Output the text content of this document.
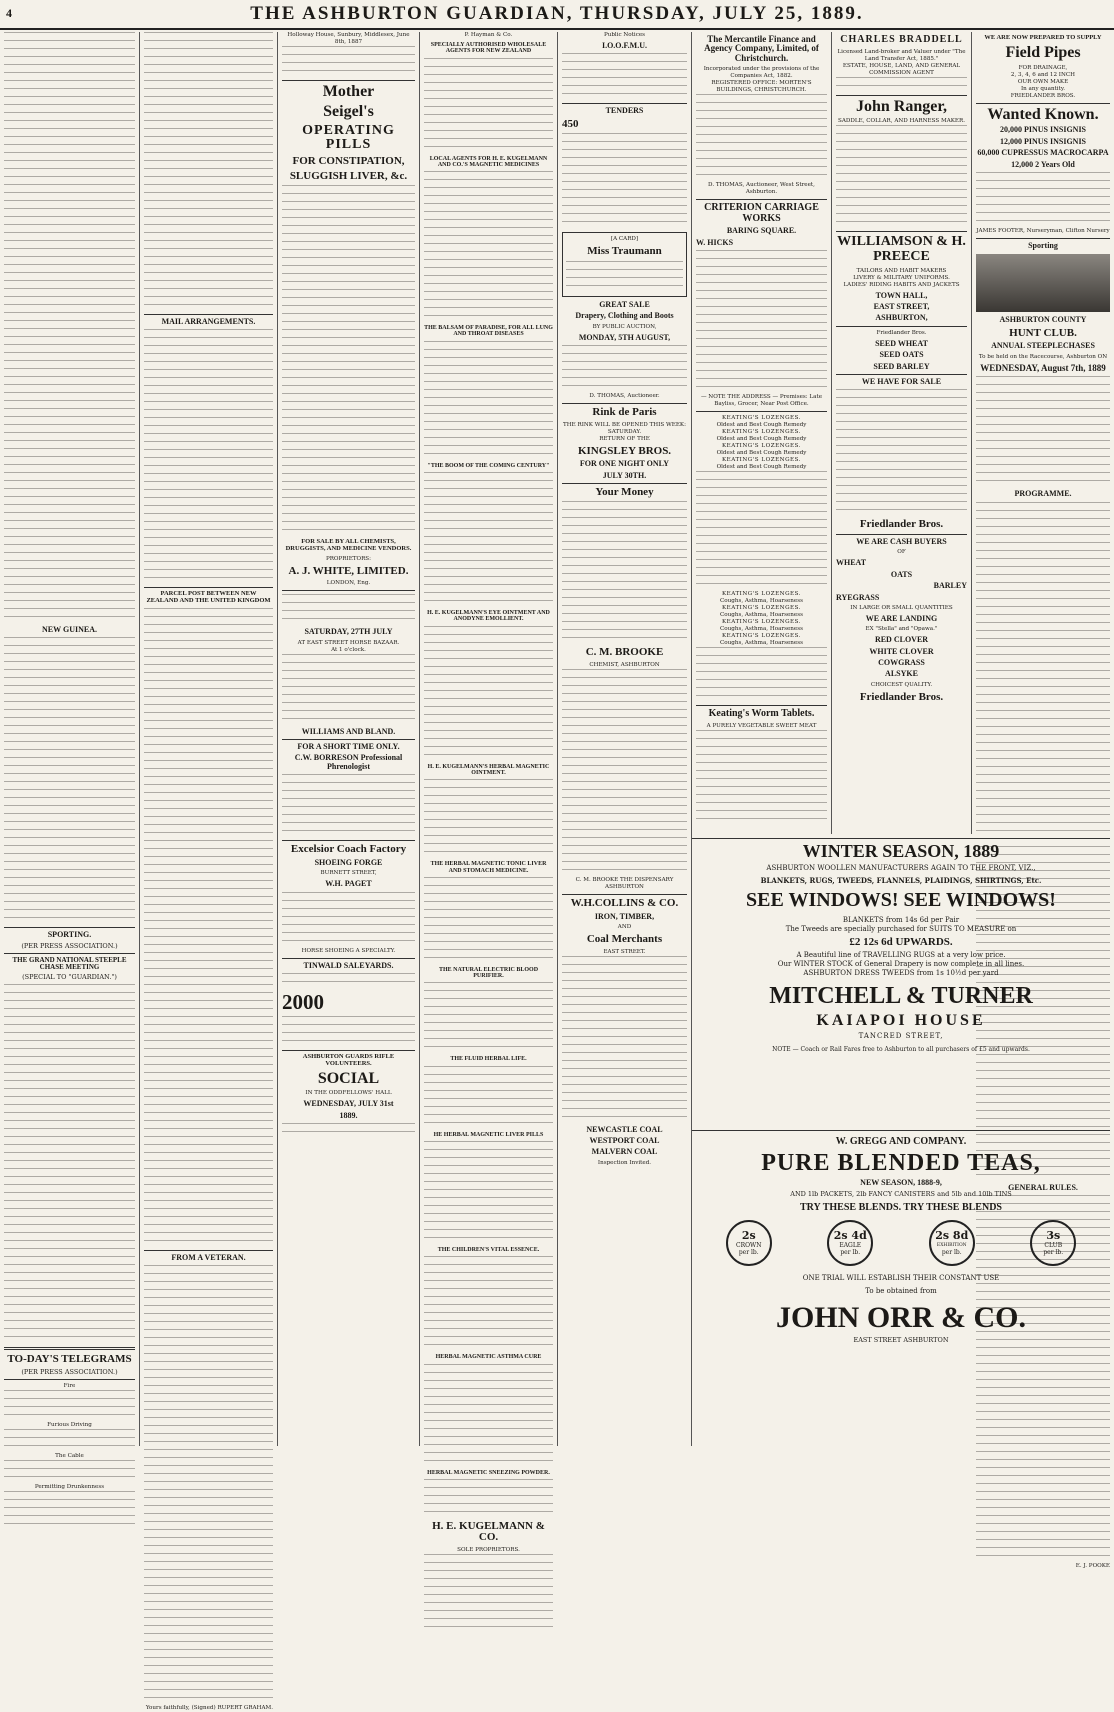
4	THE ASHBURTON GUARDIAN, THURSDAY, JULY 25, 1889.
NEW GUINEA.
SPORTING.
(PER PRESS ASSOCIATION.)
THE GRAND NATIONAL STEEPLE CHASE MEETING
(SPECIAL TO "GUARDIAN.")
TO-DAY'S TELEGRAMS
(PER PRESS ASSOCIATION.)
Fire
Furious Driving
The Cable
Permitting Drunkenness
MAIL ARRANGEMENTS.
PARCEL POST BETWEEN NEW ZEALAND AND THE UNITED KINGDOM
FROM A VETERAN.
Yours faithfully, (Signed) RUPERT GRAHAM.
Holloway House, Sunbury, Middlesex, June 8th, 1887
Mother
Seigel's
OPERATING PILLS
FOR CONSTIPATION,
SLUGGISH LIVER, &c.
FOR SALE BY ALL CHEMISTS, DRUGGISTS, AND MEDICINE VENDORS.
PROPRIETORS:
A. J. WHITE, LIMITED.
LONDON, Eng.
SATURDAY, 27TH JULY
AT EAST STREET HORSE BAZAAR.
At 1 o'clock.
WILLIAMS AND BLAND.
FOR A SHORT TIME ONLY.
C.W. BORRESON Professional Phrenologist
Excelsior Coach Factory
SHOEING FORGE
BURNETT STREET,
W.H. PAGET
HORSE SHOEING A SPECIALTY.
TINWALD SALEYARDS.
2000
ASHBURTON GUARDS RIFLE VOLUNTEERS.
SOCIAL
IN THE ODDFELLOWS' HALL
WEDNESDAY, JULY 31st
1889.
P. Hayman & Co.
SPECIALLY AUTHORISED WHOLESALE AGENTS FOR NEW ZEALAND
LOCAL AGENTS FOR H. E. KUGELMANN AND CO.'S MAGNETIC MEDICINES
THE BALSAM OF PARADISE, FOR ALL LUNG AND THROAT DISEASES
"THE BOOM OF THE COMING CENTURY"
H. E. KUGELMANN'S EYE OINTMENT AND ANODYNE EMOLLIENT.
H. E. KUGELMANN'S HERBAL MAGNETIC OINTMENT.
THE HERBAL MAGNETIC TONIC LIVER AND STOMACH MEDICINE.
THE NATURAL ELECTRIC BLOOD PURIFIER.
THE FLUID HERBAL LIFE.
HE HERBAL MAGNETIC LIVER PILLS
THE CHILDREN'S VITAL ESSENCE.
HERBAL MAGNETIC ASTHMA CURE
HERBAL MAGNETIC SNEEZING POWDER.
H. E. KUGELMANN & CO.
SOLE PROPRIETORS.
Public Notices
I.O.O.F.M.U.
TENDERS
450
[A CARD]
Miss Traumann
GREAT SALE
Drapery, Clothing and Boots
BY PUBLIC AUCTION,
MONDAY, 5TH AUGUST,
D. THOMAS, Auctioneer.
Rink de Paris
THE RINK WILL BE OPENED THIS WEEK: SATURDAY.
RETURN OF THE
KINGSLEY BROS.
FOR ONE NIGHT ONLY
JULY 30TH.
Your Money
C. M. BROOKE
CHEMIST, ASHBURTON
C. M. BROOKE THE DISPENSARY ASHBURTON
W.H.COLLINS & CO.
IRON, TIMBER,
AND
Coal Merchants
EAST STREET.
NEWCASTLE COAL
WESTPORT COAL
MALVERN COAL
Inspection Invited.
The Mercantile Finance and Agency Company, Limited, of Christchurch.
Incorporated under the provisions of the Companies Act, 1882.
REGISTERED OFFICE: MORTEN'S BUILDINGS, CHRISTCHURCH.
D. THOMAS, Auctioneer, West Street, Ashburton.
CRITERION CARRIAGE WORKS
BARING SQUARE.
W. HICKS
— NOTE THE ADDRESS — Premises: Late Bayliss, Grocer, Near Post Office.
KEATING'S LOZENGES.
Oldest and Best Cough Remedy
KEATING'S LOZENGES.
Oldest and Best Cough Remedy
KEATING'S LOZENGES.
Oldest and Best Cough Remedy
KEATING'S LOZENGES.
Oldest and Best Cough Remedy
KEATING'S LOZENGES.
Coughs, Asthma, Hoarseness
KEATING'S LOZENGES.
Coughs, Asthma, Hoarseness
KEATING'S LOZENGES.
Coughs, Asthma, Hoarseness
KEATING'S LOZENGES.
Coughs, Asthma, Hoarseness
Keating's Worm Tablets.
A PURELY VEGETABLE SWEET MEAT
CHARLES BRADDELL
Licensed Land-broker and Valuer under "The Land Transfer Act, 1885."
ESTATE, HOUSE, LAND, AND GENERAL COMMISSION AGENT
John Ranger,
SADDLE, COLLAR, AND HARNESS MAKER.
WILLIAMSON & H. PREECE
TAILORS AND HABIT MAKERS
LIVERY & MILITARY UNIFORMS.
LADIES' RIDING HABITS AND JACKETS
TOWN HALL,
EAST STREET,
ASHBURTON,
Friedlander Bros.
SEED WHEAT
SEED OATS
SEED BARLEY
WE HAVE FOR SALE
Friedlander Bros.
WE ARE CASH BUYERS
OF
WHEAT
OATS
BARLEY
RYEGRASS
IN LARGE OR SMALL QUANTITIES
WE ARE LANDING
EX "Stella" and "Opawa."
RED CLOVER
WHITE CLOVER
COWGRASS
ALSYKE
CHOICEST QUALITY.
Friedlander Bros.
WE ARE NOW PREPARED TO SUPPLY
Field Pipes
FOR DRAINAGE,
2, 3, 4, 6 and 12 INCH
OUR OWN MAKE
In any quantity.
FRIEDLANDER BROS.
Wanted Known.
20,000 PINUS INSIGNIS
12,000 PINUS INSIGNIS
60,000 CUPRESSUS MACROCARPA
12,000 2 Years Old
JAMES FOOTER, Nurseryman, Clifton Nursery
Sporting
ASHBURTON COUNTY
HUNT CLUB.
ANNUAL STEEPLECHASES
To be held on the Racecourse, Ashburton ON
WEDNESDAY, August 7th, 1889
PROGRAMME.
GENERAL RULES.
E. J. POOKE
WINTER SEASON, 1889
ASHBURTON WOOLLEN MANUFACTURERS AGAIN TO THE FRONT, VIZ.,
BLANKETS, RUGS, TWEEDS, FLANNELS, PLAIDINGS, SHIRTINGS, Etc.
SEE WINDOWS! SEE WINDOWS!
BLANKETS from 14s 6d per Pair
The Tweeds are specially purchased for SUITS TO MEASURE on
£2 12s 6d UPWARDS.
A Beautiful line of TRAVELLING RUGS at a very low price.
Our WINTER STOCK of General Drapery is now complete in all lines.
ASHBURTON DRESS TWEEDS from 1s 10½d per yard
MITCHELL & TURNER
KAIAPOI HOUSE
TANCRED STREET,
NOTE — Coach or Rail Fares free to Ashburton to all purchasers of £5 and upwards.
W. GREGG AND COMPANY.
PURE BLENDED TEAS,
NEW SEASON, 1888-9,
AND 1lb PACKETS, 2lb FANCY CANISTERS and 5lb and 10lb TINS
TRY THESE BLENDS. TRY THESE BLENDS
2s
CROWN
per lb.
2s 4d
EAGLE
per lb.
2s 8d
EXHIBITION
per lb.
3s
CLUB
per lb.
ONE TRIAL WILL ESTABLISH THEIR CONSTANT USE
To be obtained from
JOHN ORR & CO.
EAST STREET ASHBURTON
